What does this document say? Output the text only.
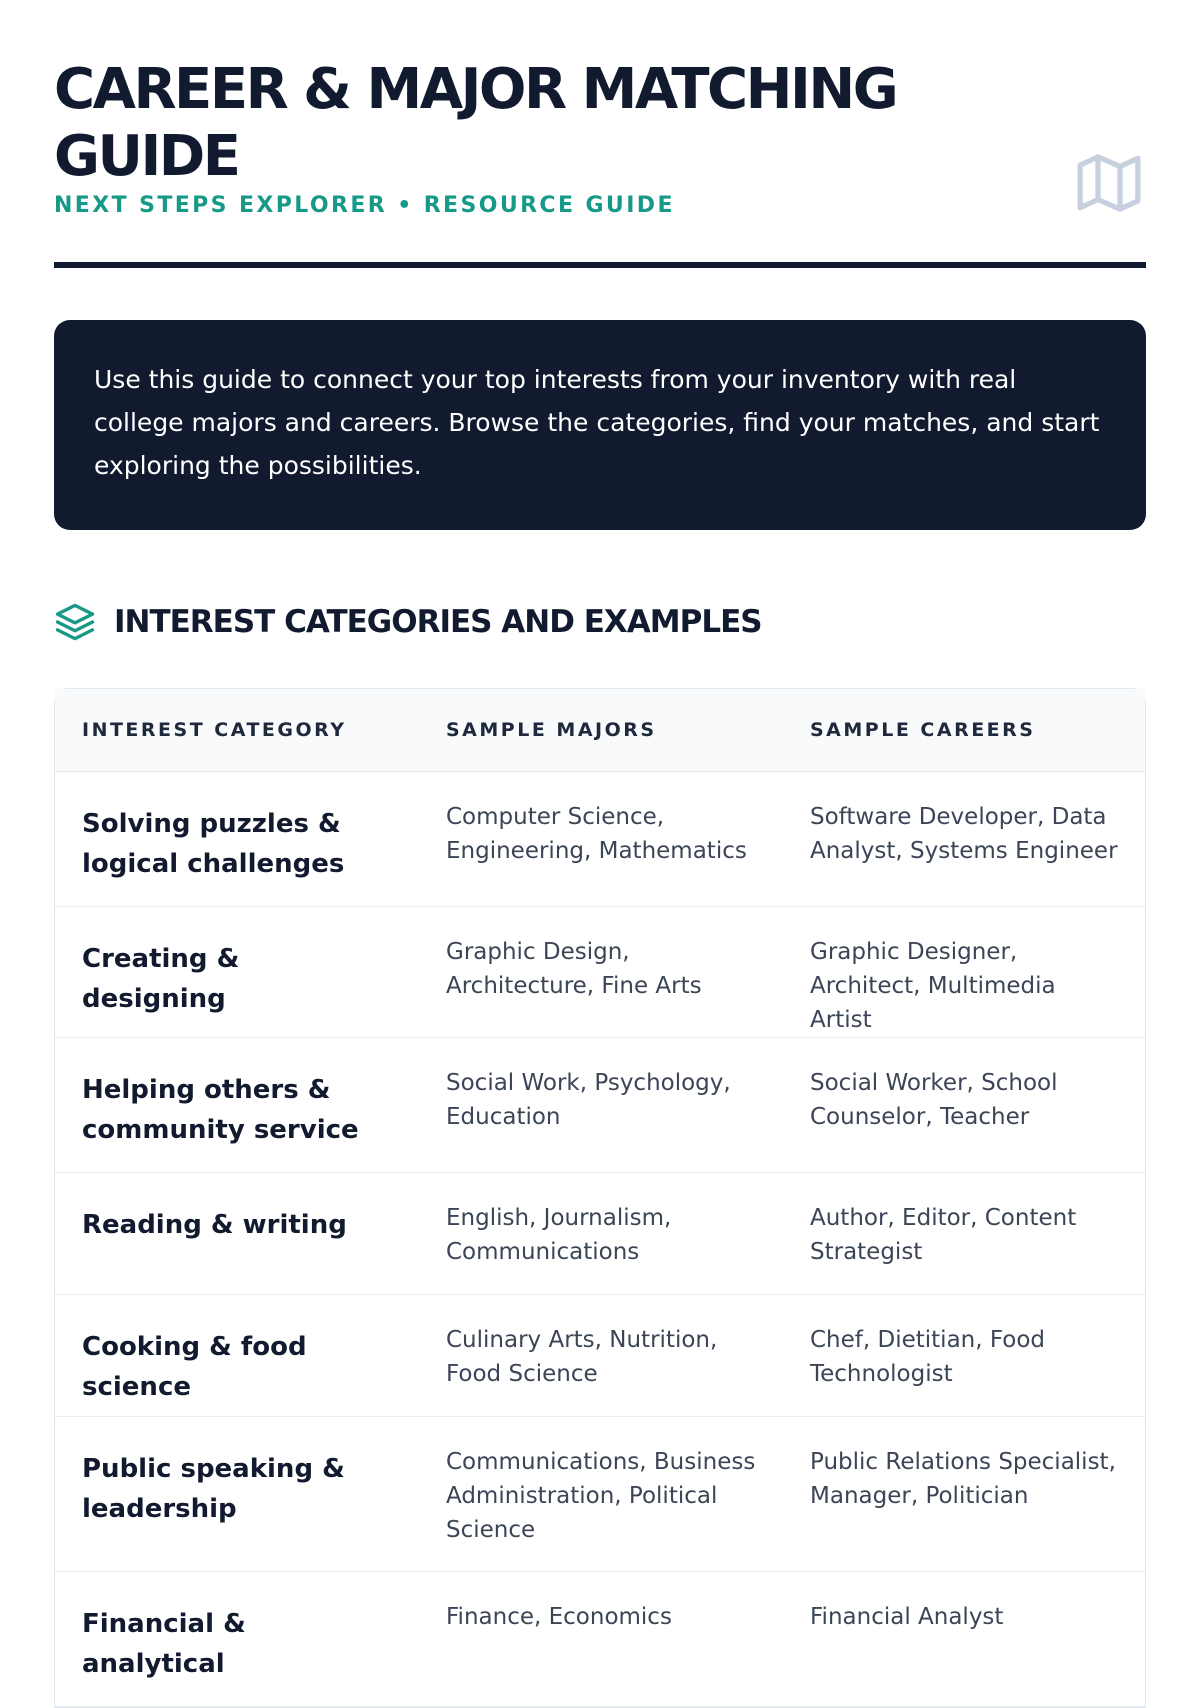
CAREER & MAJOR MATCHING GUIDE
NEXT STEPS EXPLORER • RESOURCE GUIDE

Use this guide to connect your top interests from your inventory with real college majors and careers. Browse the categories, find your matches, and start exploring the possibilities.

INTEREST CATEGORIES AND EXAMPLES
INTEREST CATEGORY	SAMPLE MAJORS	SAMPLE CAREERS

Solving puzzles & logical challenges	Computer Science, Engineering, Mathematics	Software Developer, Data Analyst, Systems Engineer

Creating & designing	Graphic Design, Architecture, Fine Arts	Graphic Designer, Architect, Multimedia Artist

Helping others & community service	Social Work, Psychology, Education	Social Worker, School Counselor, Teacher

Reading & writing	English, Journalism, Communications	Author, Editor, Content Strategist

Cooking & food science	Culinary Arts, Nutrition, Food Science	Chef, Dietitian, Food Technologist

Public speaking & leadership	Communications, Business Administration, Political Science	Public Relations Specialist, Manager, Politician

Financial & analytical	Finance, Economics	Financial Analyst
